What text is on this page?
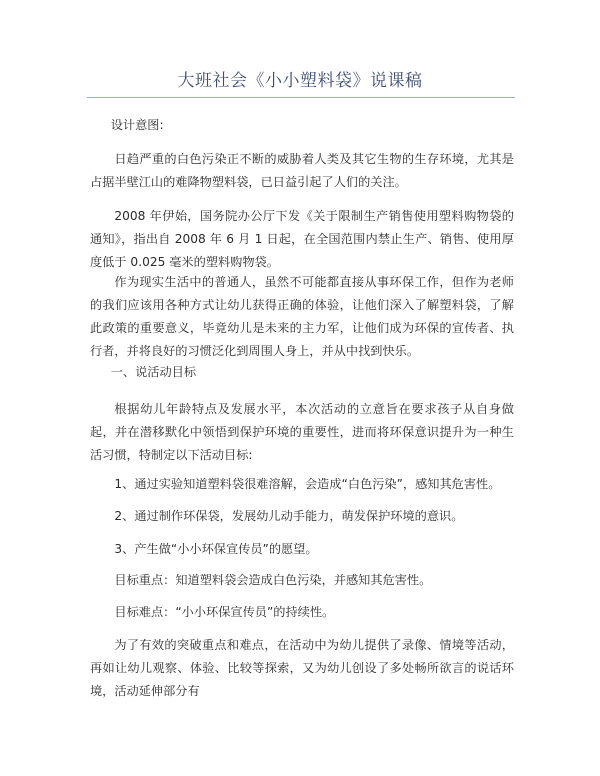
大班社会《小小塑料袋》说课稿

设计意图:

日趋严重的白色污染正不断的威胁着人类及其它生物的生存环境，尤其是占据半壁江山的难降物塑料袋，已日益引起了人们的关注。

2008 年伊始，国务院办公厅下发《关于限制生产销售使用塑料购物袋的通知》，指出自 2008 年 6 月 1 日起，在全国范围内禁止生产、销售、使用厚度低于 0.025 毫米的塑料购物袋。

作为现实生活中的普通人，虽然不可能都直接从事环保工作，但作为老师的我们应该用各种方式让幼儿获得正确的体验，让他们深入了解塑料袋，了解此政策的重要意义，毕竟幼儿是未来的主力军，让他们成为环保的宣传者、执行者，并将良好的习惯泛化到周围人身上，并从中找到快乐。

一、说活动目标

根据幼儿年龄特点及发展水平，本次活动的立意旨在要求孩子从自身做起，并在潜移默化中领悟到保护环境的重要性，进而将环保意识提升为一种生活习惯，特制定以下活动目标:

1、通过实验知道塑料袋很难溶解，会造成“白色污染”，感知其危害性。

2、通过制作环保袋，发展幼儿动手能力，萌发保护环境的意识。

3、产生做“小小环保宣传员”的愿望。

目标重点：知道塑料袋会造成白色污染，并感知其危害性。

目标难点：“小小环保宣传员”的持续性。

为了有效的突破重点和难点，在活动中为幼儿提供了录像、情境等活动，再如让幼儿观察、体验、比较等探索，又为幼儿创设了多处畅所欲言的说话环境，活动延伸部分有
